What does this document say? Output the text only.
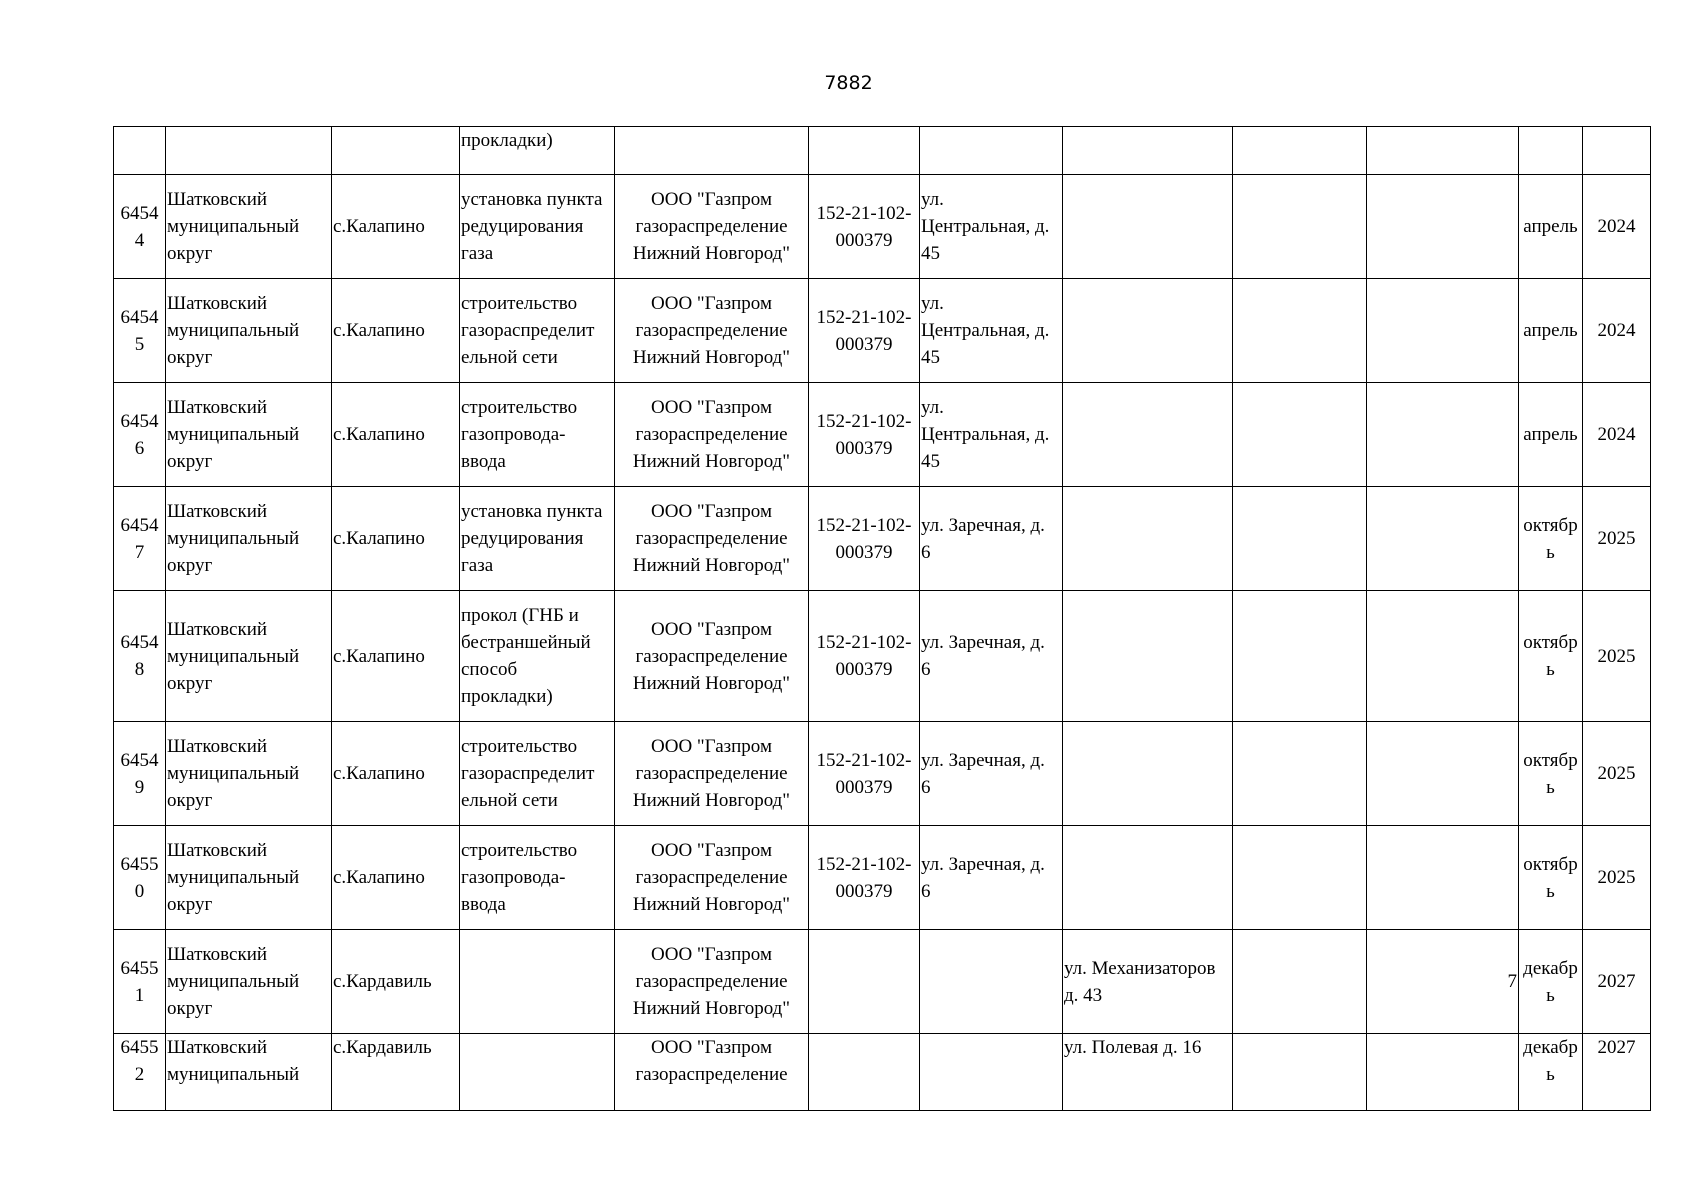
7882
			прокладки)								
6454
4	Шатковский
муниципальный
округ	с.Калапино	установка пункта
редуцирования
газа	ООО "Газпром
газораспределение
Нижний Новгород"	152-21-102-
000379	ул.
Центральная, д.
45				апрель	2024
6454
5	Шатковский
муниципальный
округ	с.Калапино	строительство
газораспределит
ельной сети	ООО "Газпром
газораспределение
Нижний Новгород"	152-21-102-
000379	ул.
Центральная, д.
45				апрель	2024
6454
6	Шатковский
муниципальный
округ	с.Калапино	строительство
газопровода-
ввода	ООО "Газпром
газораспределение
Нижний Новгород"	152-21-102-
000379	ул.
Центральная, д.
45				апрель	2024
6454
7	Шатковский
муниципальный
округ	с.Калапино	установка пункта
редуцирования
газа	ООО "Газпром
газораспределение
Нижний Новгород"	152-21-102-
000379	ул. Заречная, д.
6				октябр
ь	2025
6454
8	Шатковский
муниципальный
округ	с.Калапино	прокол (ГНБ и
бестраншейный
способ
прокладки)	ООО "Газпром
газораспределение
Нижний Новгород"	152-21-102-
000379	ул. Заречная, д.
6				октябр
ь	2025
6454
9	Шатковский
муниципальный
округ	с.Калапино	строительство
газораспределит
ельной сети	ООО "Газпром
газораспределение
Нижний Новгород"	152-21-102-
000379	ул. Заречная, д.
6				октябр
ь	2025
6455
0	Шатковский
муниципальный
округ	с.Калапино	строительство
газопровода-
ввода	ООО "Газпром
газораспределение
Нижний Новгород"	152-21-102-
000379	ул. Заречная, д.
6				октябр
ь	2025
6455
1	Шатковский
муниципальный
округ	с.Кардавиль		ООО "Газпром
газораспределение
Нижний Новгород"			ул. Механизаторов
д. 43		7	декабр
ь	2027
6455
2	Шатковский
муниципальный	с.Кардавиль		ООО "Газпром
газораспределение			ул. Полевая д. 16			декабр
ь	2027
